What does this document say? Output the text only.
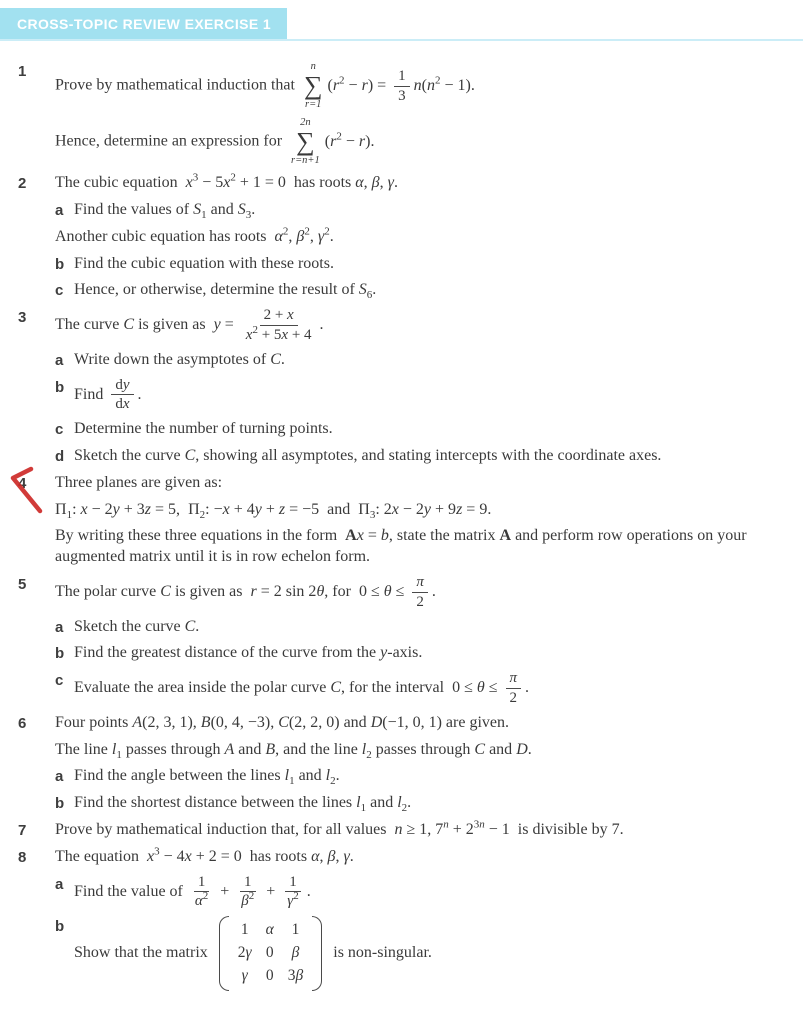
CROSS-TOPIC REVIEW EXERCISE 1
1
Prove by mathematical induction that
n
∑
r=1
$(r^2 - r) = \frac{1}{3} n(n^2 - 1)$.
Hence, determine an expression for
2n
∑
r=n+1
$(r^2 - r)$.
2	The cubic equation  $x^3 - 5x^2 + 1 = 0$  has roots α, β, γ.
a Find the values of $S_1$ and $S_3$.
Another cubic equation has roots  $\alpha^2$, $\beta^2$, $\gamma^2$.
b Find the cubic equation with these roots.
c Hence, or otherwise, determine the result of $S_6$.
3	The curve C is given as  $y = \frac{2 + x}{x^2 + 5x + 4}$ .
a Write down the asymptotes of C.
b Find $\frac{dy}{dx}$ .
c Determine the number of turning points.
d Sketch the curve C, showing all asymptotes, and stating intercepts with the coordinate axes.
4	Three planes are given as:
$\Pi_1$: x − 2y + 3z = 5,  $\Pi_2$: −x + 4y + z = −5  and  $\Pi_3$: 2x − 2y + 9z = 9.
By writing these three equations in the form  Ax = b, state the matrix A and perform row operations on your augmented matrix until it is in row echelon form.
5	The polar curve C is given as  r = 2 sin 2θ, for  $0 \le \theta \le \frac{\pi}{2}$ .
a Sketch the curve C.
b Find the greatest distance of the curve from the y-axis.
c Evaluate the area inside the polar curve C, for the interval  $0 \le \theta \le \frac{\pi}{2}$ .
6	Four points A(2, 3, 1), B(0, 4, −3), C(2, 2, 0) and D(−1, 0, 1) are given.
The line $l_1$ passes through A and B, and the line $l_2$ passes through C and D.
a Find the angle between the lines $l_1$ and $l_2$.
b Find the shortest distance between the lines $l_1$ and $l_2$.
7	Prove by mathematical induction that, for all values  n ≥ 1, $7^n + 2^{3n} - 1$  is divisible by 7.
8	The equation  $x^3 - 4x + 2 = 0$  has roots α, β, γ.
a Find the value of $\frac{1}{\alpha^2} + \frac{1}{\beta^2} + \frac{1}{\gamma^2}$ .
b
Show that the matrix
1 α 1
2γ 0 β
γ 0 3β
is non-singular.
